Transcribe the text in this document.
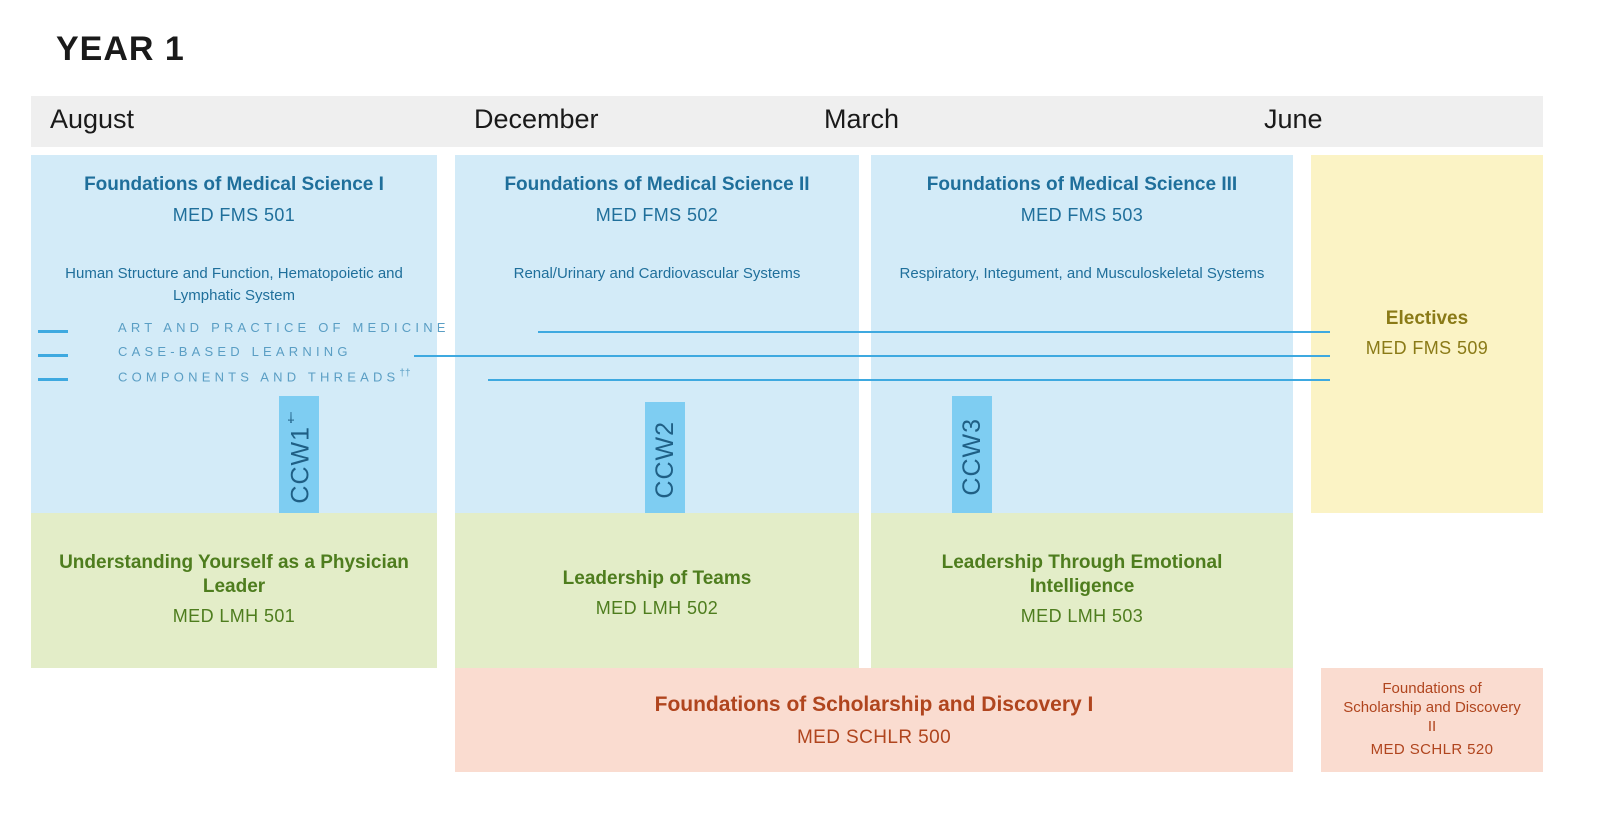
YEAR 1
August	December	March	June
Foundations of Medical Science I
MED FMS 501
Human Structure and Function, Hematopoietic and Lymphatic System
Foundations of Medical Science II
MED FMS 502
Renal/Urinary and Cardiovascular Systems
Foundations of Medical Science III
MED FMS 503
Respiratory, Integument, and Musculoskeletal Systems
Electives
MED FMS 509
ART AND PRACTICE OF MEDICINE
CASE-BASED LEARNING
COMPONENTS AND THREADS††
CCW1†
CCW2	CCW3
Understanding Yourself as a Physician Leader
MED LMH 501
Leadership of Teams
MED LMH 502
Leadership Through Emotional Intelligence
MED LMH 503
Foundations of Scholarship and Discovery I
MED SCHLR 500
Foundations of Scholarship and Discovery II
MED SCHLR 520
